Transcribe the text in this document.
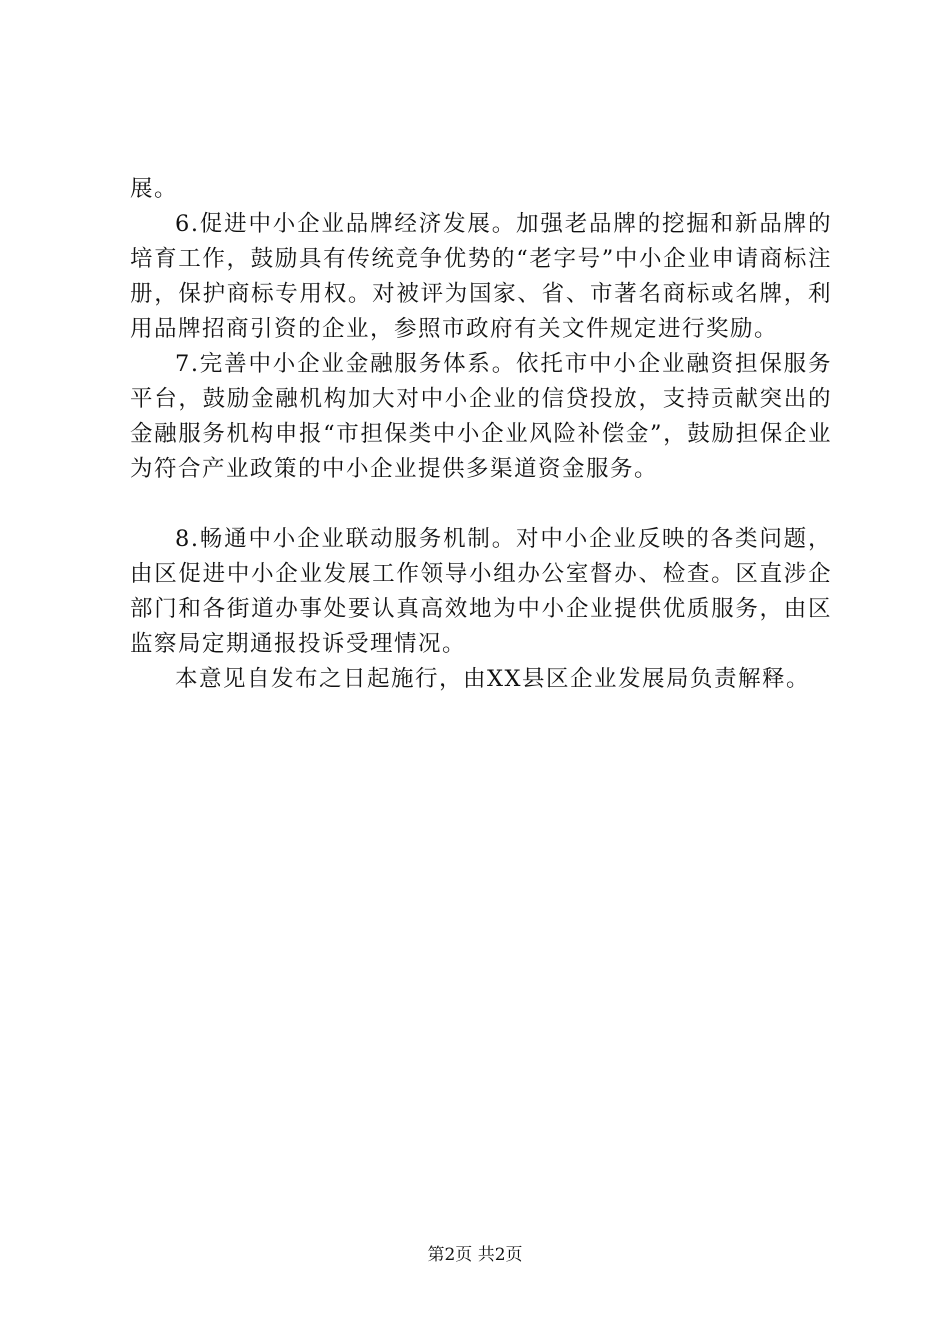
展。

6.促进中小企业品牌经济发展。加强老品牌的挖掘和新品牌的培育工作，鼓励具有传统竞争优势的“老字号”中小企业申请商标注册，保护商标专用权。对被评为国家、省、市著名商标或名牌，利用品牌招商引资的企业，参照市政府有关文件规定进行奖励。

7.完善中小企业金融服务体系。依托市中小企业融资担保服务平台，鼓励金融机构加大对中小企业的信贷投放，支持贡献突出的金融服务机构申报“市担保类中小企业风险补偿金”，鼓励担保企业为符合产业政策的中小企业提供多渠道资金服务。

8.畅通中小企业联动服务机制。对中小企业反映的各类问题，由区促进中小企业发展工作领导小组办公室督办、检查。区直涉企部门和各街道办事处要认真高效地为中小企业提供优质服务，由区监察局定期通报投诉受理情况。

本意见自发布之日起施行，由XX县区企业发展局负责解释。

第2页 共2页
